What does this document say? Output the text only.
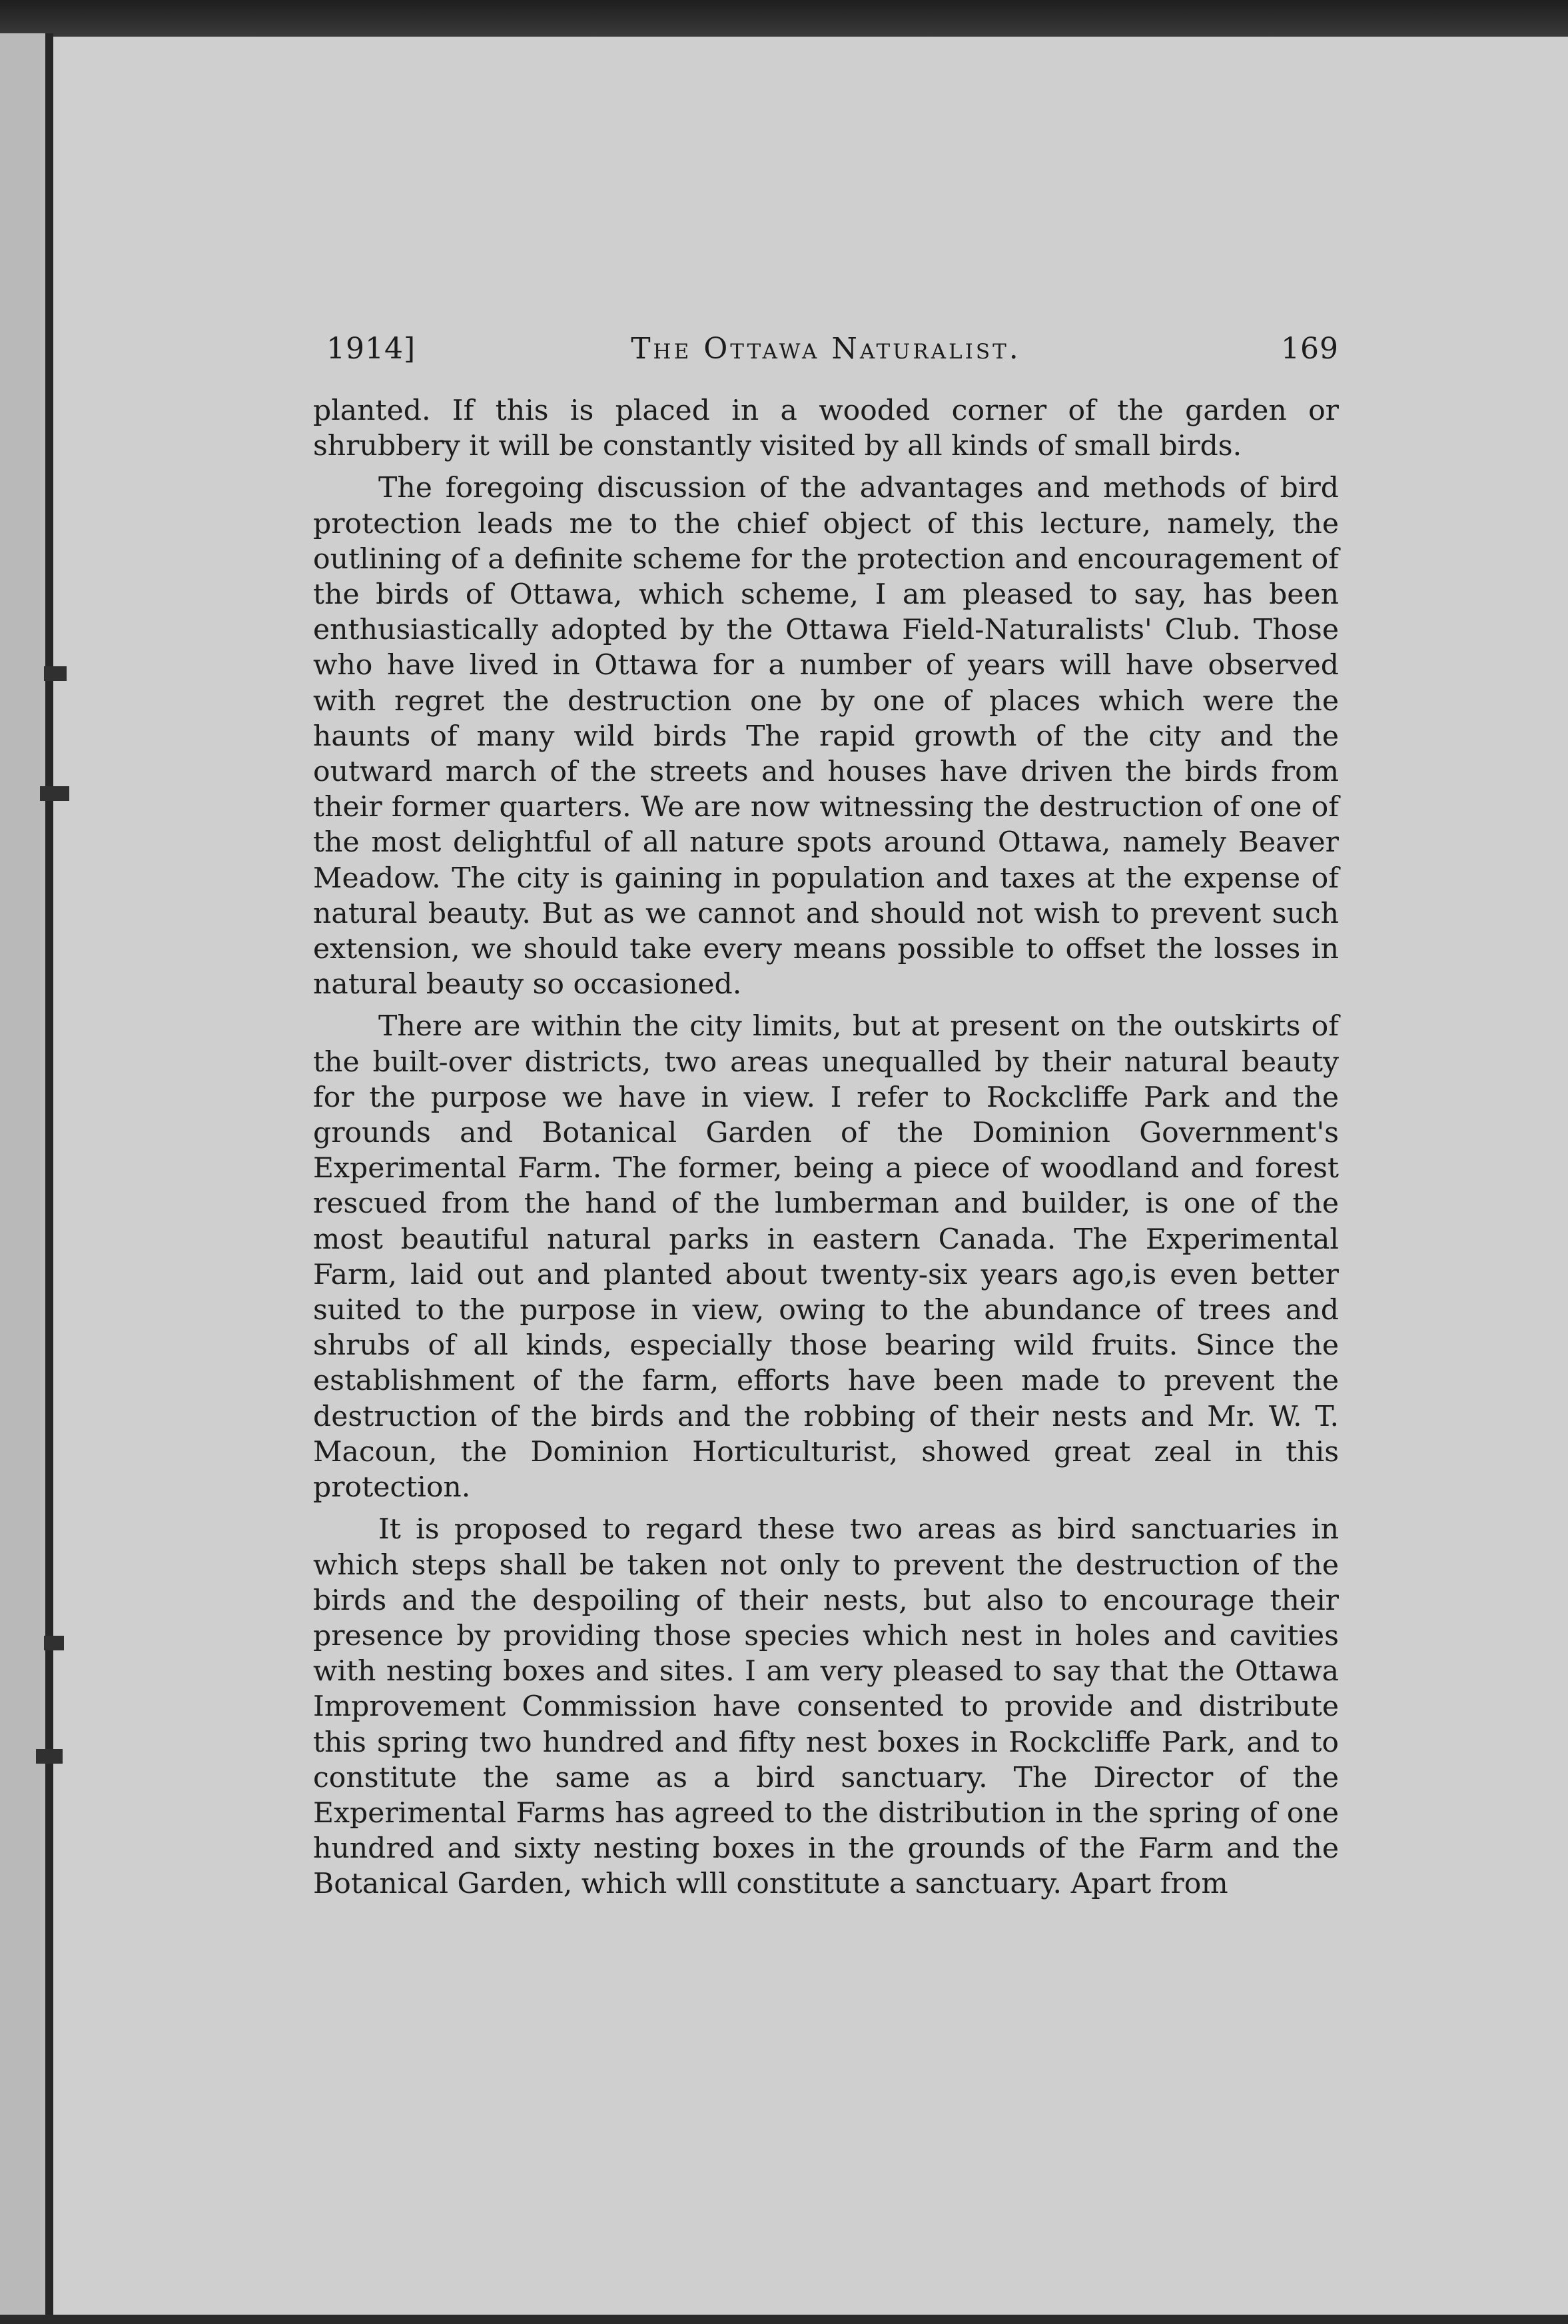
1914]	The Ottawa Naturalist.	169

planted. If this is placed in a wooded corner of the garden or shrubbery it will be constantly visited by all kinds of small birds.

The foregoing discussion of the advantages and methods of bird protection leads me to the chief object of this lecture, namely, the outlining of a definite scheme for the protection and encouragement of the birds of Ottawa, which scheme, I am pleased to say, has been enthusiastically adopted by the Ottawa Field-Naturalists' Club. Those who have lived in Ottawa for a number of years will have observed with regret the destruction one by one of places which were the haunts of many wild birds The rapid growth of the city and the outward march of the streets and houses have driven the birds from their former quarters. We are now witnessing the destruction of one of the most delightful of all nature spots around Ottawa, namely Beaver Meadow. The city is gaining in population and taxes at the expense of natural beauty. But as we cannot and should not wish to prevent such extension, we should take every means possible to offset the losses in natural beauty so occasioned.

There are within the city limits, but at present on the outskirts of the built-over districts, two areas unequalled by their natural beauty for the purpose we have in view. I refer to Rockcliffe Park and the grounds and Botanical Garden of the Dominion Government's Experimental Farm. The former, being a piece of woodland and forest rescued from the hand of the lumberman and builder, is one of the most beautiful natural parks in eastern Canada. The Experimental Farm, laid out and planted about twenty-six years ago,is even better suited to the purpose in view, owing to the abundance of trees and shrubs of all kinds, especially those bearing wild fruits. Since the establishment of the farm, efforts have been made to prevent the destruction of the birds and the robbing of their nests and Mr. W. T. Macoun, the Dominion Horticulturist, showed great zeal in this protection.

It is proposed to regard these two areas as bird sanctuaries in which steps shall be taken not only to prevent the destruction of the birds and the despoiling of their nests, but also to encourage their presence by providing those species which nest in holes and cavities with nesting boxes and sites. I am very pleased to say that the Ottawa Improvement Commission have consented to provide and distribute this spring two hundred and fifty nest boxes in Rockcliffe Park, and to constitute the same as a bird sanctuary. The Director of the Experimental Farms has agreed to the distribution in the spring of one hundred and sixty nesting boxes in the grounds of the Farm and the Botanical Garden, which wlll constitute a sanctuary. Apart from
